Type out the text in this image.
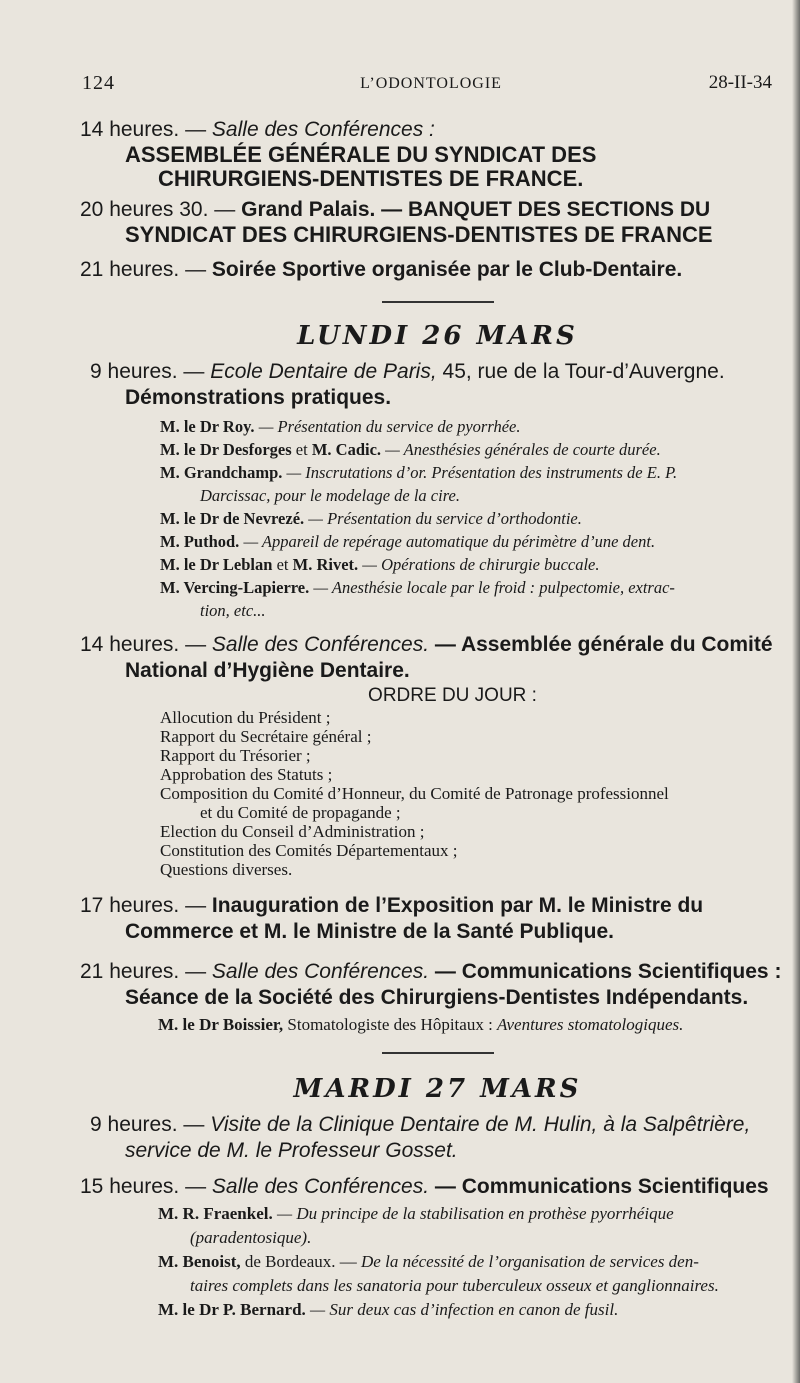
124	L’ODONTOLOGIE	28-II-34
14 heures. — Salle des Conférences :
ASSEMBLÉE GÉNÉRALE DU SYNDICAT DES
CHIRURGIENS-DENTISTES DE FRANCE.
20 heures 30. — Grand Palais. — BANQUET DES SECTIONS DU
SYNDICAT DES CHIRURGIENS-DENTISTES DE FRANCE
21 heures. — Soirée Sportive organisée par le Club-Dentaire.
LUNDI 26 MARS
9 heures. — Ecole Dentaire de Paris, 45, rue de la Tour-d’Auvergne.
Démonstrations pratiques.
M. le Dr Roy. — Présentation du service de pyorrhée.
M. le Dr Desforges et M. Cadic. — Anesthésies générales de courte durée.
M. Grandchamp. — Inscrutations d’or. Présentation des instruments de E. P.
Darcissac, pour le modelage de la cire.
M. le Dr de Nevrezé. — Présentation du service d’orthodontie.
M. Puthod. — Appareil de repérage automatique du périmètre d’une dent.
M. le Dr Leblan et M. Rivet. — Opérations de chirurgie buccale.
M. Vercing-Lapierre. — Anesthésie locale par le froid : pulpectomie, extrac-
tion, etc...
14 heures. — Salle des Conférences. — Assemblée générale du Comité
National d’Hygiène Dentaire.
ORDRE DU JOUR :
Allocution du Président ;
Rapport du Secrétaire général ;
Rapport du Trésorier ;
Approbation des Statuts ;
Composition du Comité d’Honneur, du Comité de Patronage professionnel
et du Comité de propagande ;
Election du Conseil d’Administration ;
Constitution des Comités Départementaux ;
Questions diverses.
17 heures. — Inauguration de l’Exposition par M. le Ministre du
Commerce et M. le Ministre de la Santé Publique.
21 heures. — Salle des Conférences. — Communications Scientifiques :
Séance de la Société des Chirurgiens-Dentistes Indépendants.
M. le Dr Boissier, Stomatologiste des Hôpitaux : Aventures stomatologiques.
MARDI 27 MARS
9 heures. — Visite de la Clinique Dentaire de M. Hulin, à la Salpêtrière,
service de M. le Professeur Gosset.
15 heures. — Salle des Conférences. — Communications Scientifiques
M. R. Fraenkel. — Du principe de la stabilisation en prothèse pyorrhéique
(paradentosique).
M. Benoist, de Bordeaux. — De la nécessité de l’organisation de services den-
taires complets dans les sanatoria pour tuberculeux osseux et ganglionnaires.
M. le Dr P. Bernard. — Sur deux cas d’infection en canon de fusil.
